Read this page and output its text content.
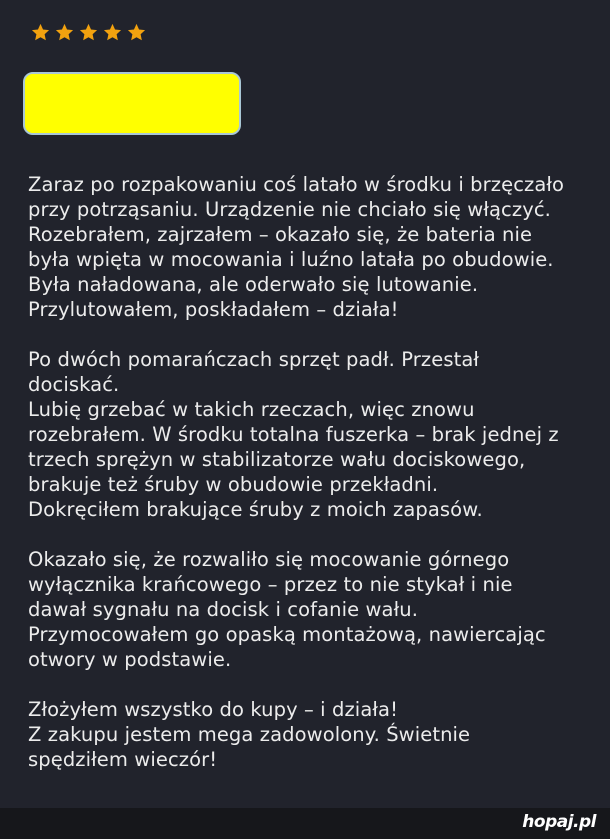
Zaraz po rozpakowaniu coś latało w środku i brzęczało
przy potrząsaniu. Urządzenie nie chciało się włączyć.
Rozebrałem, zajrzałem – okazało się, że bateria nie
była wpięta w mocowania i luźno latała po obudowie.
Była naładowana, ale oderwało się lutowanie.
Przylutowałem, poskładałem – działa!

Po dwóch pomarańczach sprzęt padł. Przestał
dociskać.
Lubię grzebać w takich rzeczach, więc znowu
rozebrałem. W środku totalna fuszerka – brak jednej z
trzech sprężyn w stabilizatorze wału dociskowego,
brakuje też śruby w obudowie przekładni.
Dokręciłem brakujące śruby z moich zapasów.

Okazało się, że rozwaliło się mocowanie górnego
wyłącznika krańcowego – przez to nie stykał i nie
dawał sygnału na docisk i cofanie wału.
Przymocowałem go opaską montażową, nawiercając
otwory w podstawie.

Złożyłem wszystko do kupy – i działa!
Z zakupu jestem mega zadowolony. Świetnie
spędziłem wieczór!

hopaj.pl
